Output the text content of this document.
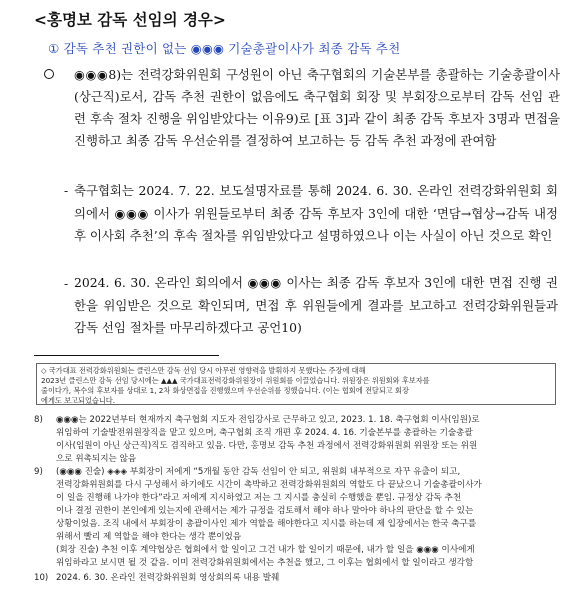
<홍명보 감독 선임의 경우>
① 감독 추천 권한이 없는 ◉◉◉ 기술총괄이사가 최종 감독 추천
◉◉◉8)는 전력강화위원회 구성원이 아닌 축구협회의 기술본부를 총괄하는 기술총괄이사(상근직)로서, 감독 추천 권한이 없음에도 축구협회 회장 및 부회장으로부터 감독 선임 관련 후속 절차 진행을 위임받았다는 이유9)로 [표 3]과 같이 최종 감독 후보자 3명과 면접을 진행하고 최종 감독 우선순위를 결정하여 보고하는 등 감독 추천 과정에 관여함
- 축구협회는 2024. 7. 22. 보도설명자료를 통해 2024. 6. 30. 온라인 전력강화위원회 회의에서 ◉◉◉ 이사가 위원들로부터 최종 감독 후보자 3인에 대한 ‘면담→협상→감독 내정 후 이사회 추천’의 후속 절차를 위임받았다고 설명하였으나 이는 사실이 아닌 것으로 확인
- 2024. 6. 30. 온라인 회의에서 ◉◉◉ 이사는 최종 감독 후보자 3인에 대한 면접 진행 권한을 위임받은 것으로 확인되며, 면접 후 위원들에게 결과를 보고하고 전력강화위원들과 감독 선임 절차를 마무리하겠다고 공언10)
◇ 국가대표 전력강화위원회는 클린스만 감독 선임 당시 아무런 영향력을 발휘하지 못했다는 주장에 대해
2023년 클린스만 감독 선임 당시에는 ▲▲▲ 국가대표전력강화위원장이 위원회를 이끌었습니다. 위원장은 위원회와 후보자를
줄이다가, 복수의 후보자를 상대로 1, 2차 화상면접을 진행했으며 우선순위를 정했습니다. (이는 협회에 전달되고 회장
에게도 보고되었습니다.
8)	◉◉◉는 2022년부터 현재까지 축구협회 지도자 전임강사로 근무하고 있고, 2023. 1. 18. 축구협회 이사(임원)로
위임하여 기술발전위원장직을 맡고 있으며, 축구협회 조직 개편 후 2024. 4. 16. 기술본부를 총괄하는 기술총괄
이사(임원이 아닌 상근직)직도 겸직하고 있음. 다만, 홍명보 감독 추천 과정에서 전력강화위원회 위원장 또는 위원
으로 위촉되지는 않음
9)	(◉◉◉ 진술) ◈◈◈ 부회장이 저에게 “5개월 동안 감독 선임이 안 되고, 위원회 내부적으로 자꾸 유출이 되고,
전력강화위원회를 다시 구성해서 하기에도 시간이 촉박하고 전력강화위원회의 역할도 다 끝났으니 기술총괄이사가
이 일을 진행해 나가야 한다”라고 저에게 지시하였고 저는 그 지시를 충실히 수행했을 뿐임. 규정상 감독 추천
이나 결정 권한이 본인에게 있는지에 관해서는 제가 규정을 검토해서 해야 하나 말아야 하나의 판단을 할 수 있는
상황이었음. 조직 내에서 부회장이 총괄이사인 제가 역할을 해야한다고 지시를 하는데 제 입장에서는 한국 축구를
위해서 빨리 제 역할을 해야 한다는 생각 뿐이었음
(회장 진술) 추천 이후 계약협상은 협회에서 할 일이고 그건 내가 할 일이기 때문에, 내가 할 일을 ◉◉◉ 이사에게
위임하라고 보시면 될 것 같음. 이미 전력강화위원회에서는 추천을 했고, 그 이후는 협회에서 할 일이라고 생각함
10) 2024. 6. 30. 온라인 전력강화위원회 영상회의록 내용 발췌
